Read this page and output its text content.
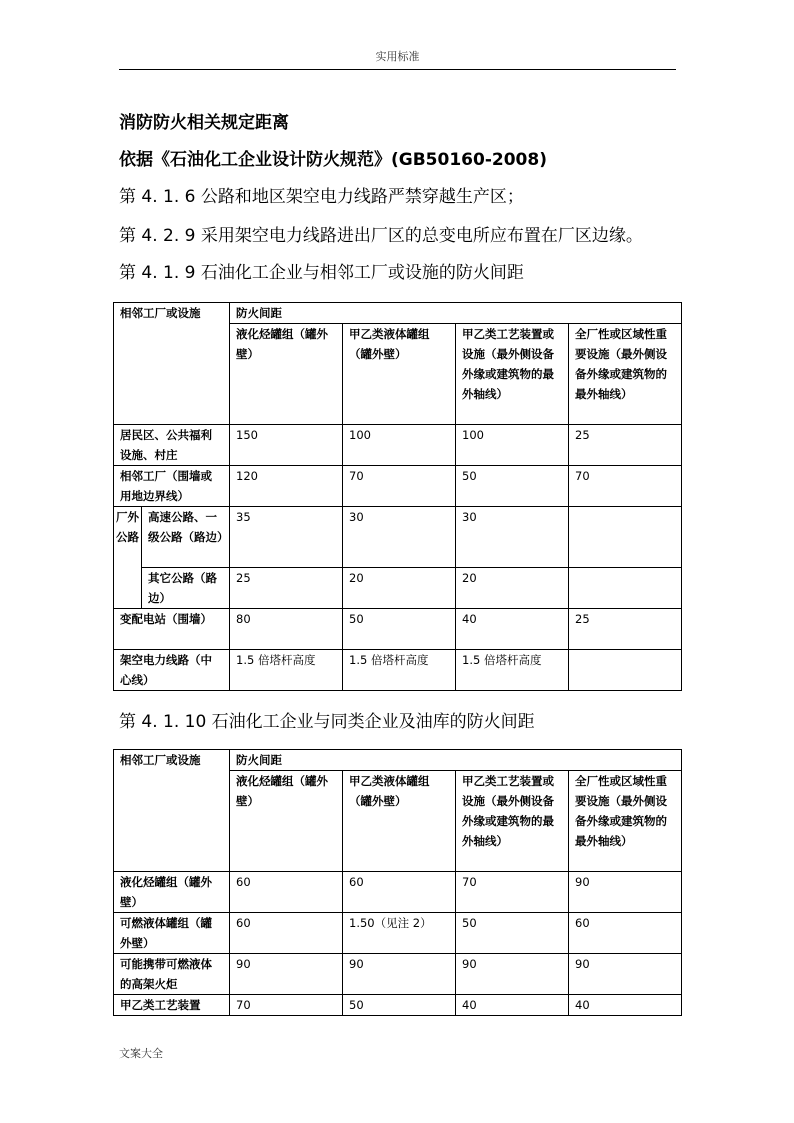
实用标准
消防防火相关规定距离
依据《石油化工企业设计防火规范》(GB50160-2008)
第 4. 1. 6 公路和地区架空电力线路严禁穿越生产区；
第 4. 2. 9 采用架空电力线路进出厂区的总变电所应布置在厂区边缘。
第 4. 1. 9 石油化工企业与相邻工厂或设施的防火间距
相邻工厂或设施		防火间距			
		液化烃罐组（罐外壁）	甲乙类液体罐组（罐外壁）	甲乙类工艺装置或设施（最外侧设备外缘或建筑物的最外轴线）	全厂性或区域性重要设施（最外侧设备外缘或建筑物的最外轴线）
居民区、公共福利设施、村庄		150	100	100	25
相邻工厂（围墙或用地边界线）		120	70	50	70
厂外公路	高速公路、一级公路（路边）	35	30	30	
	其它公路（路边）	25	20	20	
变配电站（围墙）		80	50	40	25
架空电力线路（中心线）		1.5 倍塔杆高度	1.5 倍塔杆高度	1.5 倍塔杆高度	
第 4. 1. 10 石油化工企业与同类企业及油库的防火间距
相邻工厂或设施	防火间距			
	液化烃罐组（罐外壁）	甲乙类液体罐组（罐外壁）	甲乙类工艺装置或设施（最外侧设备外缘或建筑物的最外轴线）	全厂性或区域性重要设施（最外侧设备外缘或建筑物的最外轴线）
液化烃罐组（罐外壁）	60	60	70	90
可燃液体罐组（罐外壁）	60	1.50（见注 2）	50	60
可能携带可燃液体的高架火炬	90	90	90	90
甲乙类工艺装置	70	50	40	40
文案大全
